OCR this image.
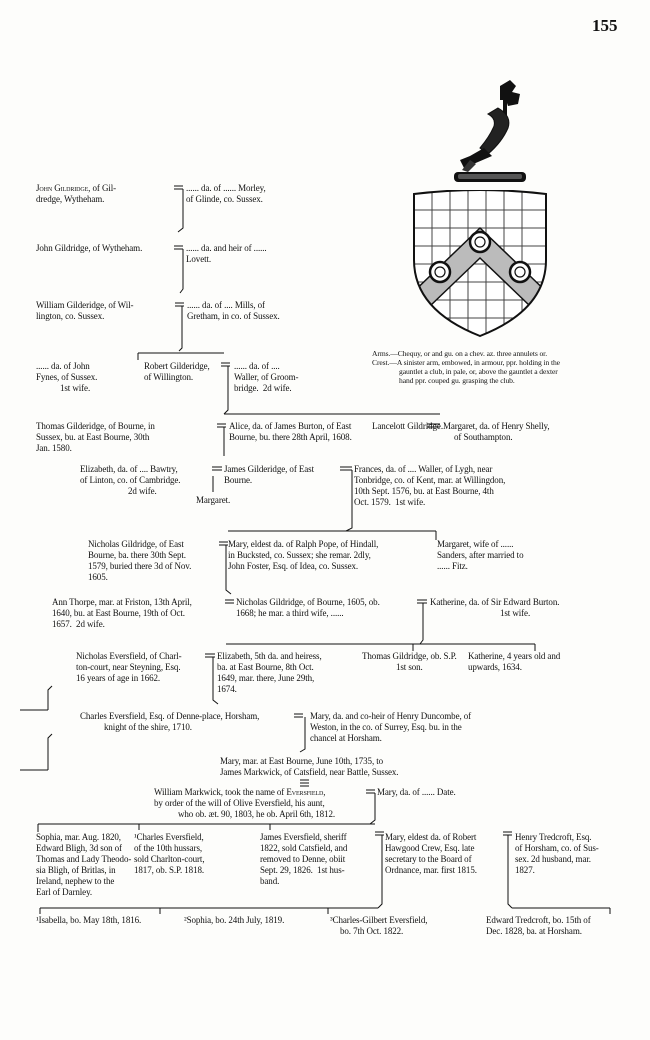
155
Arms.—Chequy, or and gu. on a chev. az. three annulets or.
Crest.—A sinister arm, embowed, in armour, ppr. holding in the
gauntlet a club, in pale, or, above the gauntlet a dexter
hand ppr. couped gu. grasping the club.
John Gildridge, of Gil-
dredge, Wytheham.
...... da. of ...... Morley,
of Glinde, co. Sussex.
John Gildridge, of Wytheham.	...... da. and heir of ......
Lovett.
William Gilderidge, of Wil-
lington, co. Sussex.
...... da. of .... Mills, of
Gretham, in co. of Sussex.
...... da. of John
Fynes, of Sussex.
1st wife.
Robert Gilderidge,
of Willington.
...... da. of ....
Waller, of Groom-
bridge.  2d wife.
Thomas Gilderidge, of Bourne, in
Sussex, bu. at East Bourne, 30th
Jan. 1580.
Alice, da. of James Burton, of East
Bourne, bu. there 28th April, 1608.
Lancelott Gildridge. Margaret, da. of Henry Shelly,
of Southampton.
Elizabeth, da. of .... Bawtry,
of Linton, co. of Cambridge.
2d wife.
James Gilderidge, of East
Bourne.
Margaret.
Frances, da. of .... Waller, of Lygh, near
Tonbridge, co. of Kent, mar. at Willingdon,
10th Sept. 1576, bu. at East Bourne, 4th
Oct. 1579.  1st wife.
Nicholas Gildridge, of East
Bourne, ba. there 30th Sept.
1579, buried there 3d of Nov.
1605.
Mary, eldest da. of Ralph Pope, of Hindall,
in Bucksted, co. Sussex; she remar. 2dly,
John Foster, Esq. of Idea, co. Sussex.
Margaret, wife of ......
Sanders, after married to
...... Fitz.
Ann Thorpe, mar. at Friston, 13th April,
1640, bu. at East Bourne, 19th of Oct.
1657.  2d wife.
Nicholas Gildridge, of Bourne, 1605, ob.
1668; he mar. a third wife, ......
Katherine, da. of Sir Edward Burton.
1st wife.
Nicholas Eversfield, of Charl-
ton-court, near Steyning, Esq.
16 years of age in 1662.
Elizabeth, 5th da. and heiress,
ba. at East Bourne, 8th Oct.
1649, mar. there, June 29th,
1674.
Thomas Gildridge, ob. S.P.
1st son.
Katherine, 4 years old and
upwards, 1634.
Charles Eversfield, Esq. of Denne-place, Horsham,
knight of the shire, 1710.
Mary, da. and co-heir of Henry Duncombe, of
Weston, in the co. of Surrey, Esq. bu. in the
chancel at Horsham.
Mary, mar. at East Bourne, June 10th, 1735, to
James Markwick, of Catsfield, near Battle, Sussex.
William Markwick, took the name of Eversfield,
by order of the will of Olive Eversfield, his aunt,
who ob. æt. 90, 1803, he ob. April 6th, 1812.
Mary, da. of ...... Date.
Sophia, mar. Aug. 1820,
Edward Bligh, 3d son of
Thomas and Lady Theodo-
sia Bligh, of Britlas, in
Ireland, nephew to the
Earl of Darnley.
¹Charles Eversfield,
of the 10th hussars,
sold Charlton-court,
1817, ob. S.P. 1818.
James Eversfield, sheriff
1822, sold Catsfield, and
removed to Denne, obiit
Sept. 29, 1826.  1st hus-
band.
Mary, eldest da. of Robert
Hawgood Crew, Esq. late
secretary to the Board of
Ordnance, mar. first 1815.
Henry Tredcroft, Esq.
of Horsham, co. of Sus-
sex. 2d husband, mar.
1827.
¹Isabella, bo. May 18th, 1816.	²Sophia, bo. 24th July, 1819.	³Charles-Gilbert Eversfield,
bo. 7th Oct. 1822.
Edward Tredcroft, bo. 15th of
Dec. 1828, ba. at Horsham.
